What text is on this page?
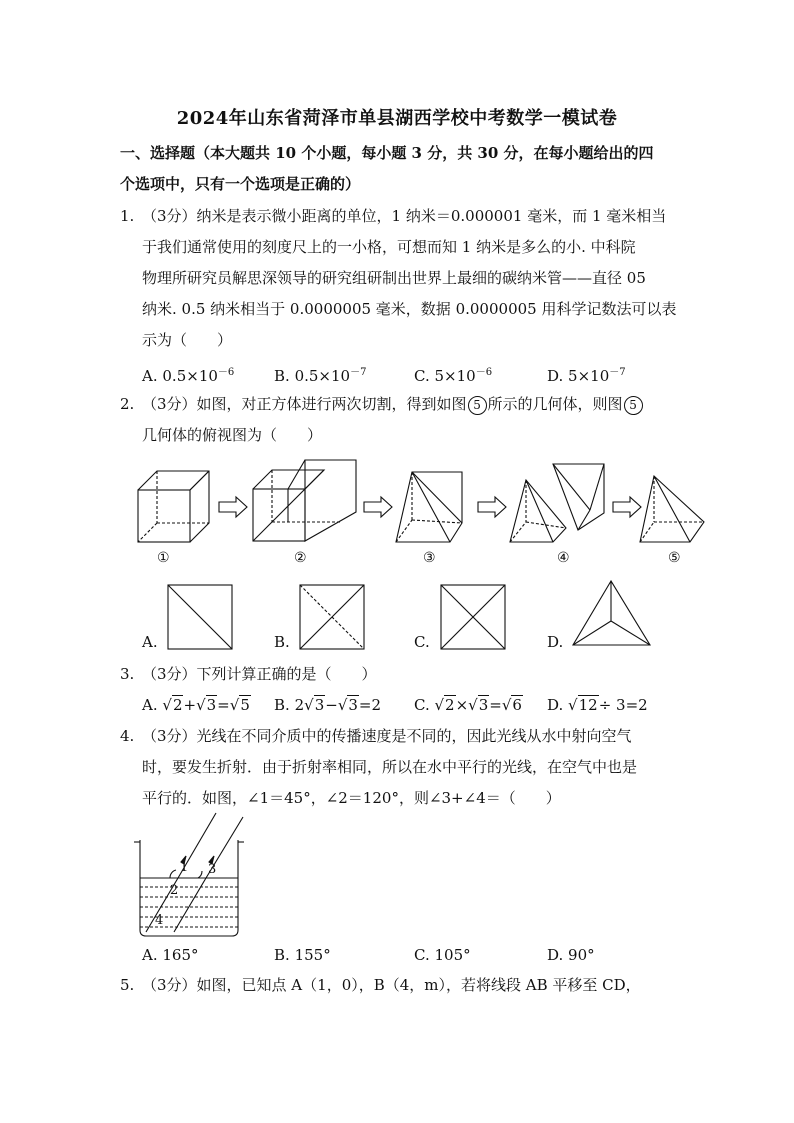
2024年山东省菏泽市单县湖西学校中考数学一模试卷
一、选择题（本大题共 10 个小题，每小题 3 分，共 30 分，在每小题给出的四
个选项中，只有一个选项是正确的）
1. （3分）纳米是表示微小距离的单位，1 纳米＝0.000001 毫米，而 1 毫米相当
于我们通常使用的刻度尺上的一小格，可想而知 1 纳米是多么的小. 中科院
物理所研究员解思深领导的研究组研制出世界上最细的碳纳米管——直径 05
纳米. 0.5 纳米相当于 0.0000005 毫米，数据 0.0000005 用科学记数法可以表
示为（　　）
A. $0.5\times 10^{-6}$	B. $0.5\times 10^{-7}$	C. $5\times 10^{-6}$	D. $5\times 10^{-7}$
2. （3分）如图，对正方体进行两次切割，得到如图 5 所示的几何体，则图 5
几何体的俯视图为（　　）
①	②	③	④	⑤
A.	B.	C.	D.
3. （3分）下列计算正确的是（　　）
A. √2+√3=√5 B. 2√3−√3=2 C. √2×√3=√6 D. √12÷ 3=2
4. （3分）光线在不同介质中的传播速度是不同的，因此光线从水中射向空气
时，要发生折射．由于折射率相同，所以在水中平行的光线，在空气中也是
平行的．如图，∠1＝45°，∠2＝120°，则∠3+∠4＝（　　）
1
2
3
4
A. 165°	B. 155°	C. 105°	D. 90°
5. （3分）如图，已知点 A（1，0），B（4，m），若将线段 AB 平移至 CD，
